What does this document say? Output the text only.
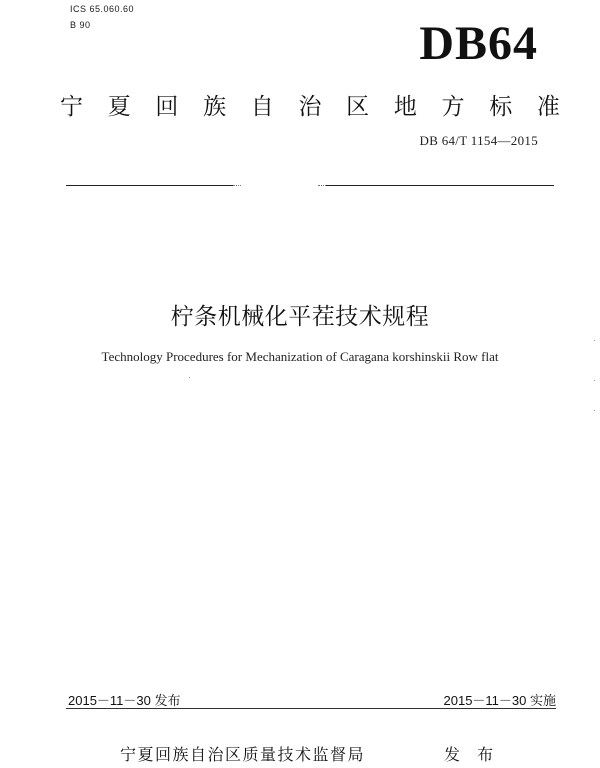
ICS 65.060.60
B 90	DB64
宁 夏 回 族 自 治 区 地 方 标 准
DB 64/T 1154—2015
柠条机械化平茬技术规程
Technology Procedures for Mechanization of Caragana korshinskii Row flat
2015－11－30 发布	2015－11－30 实施
宁夏回族自治区质量技术监督局	发 布
